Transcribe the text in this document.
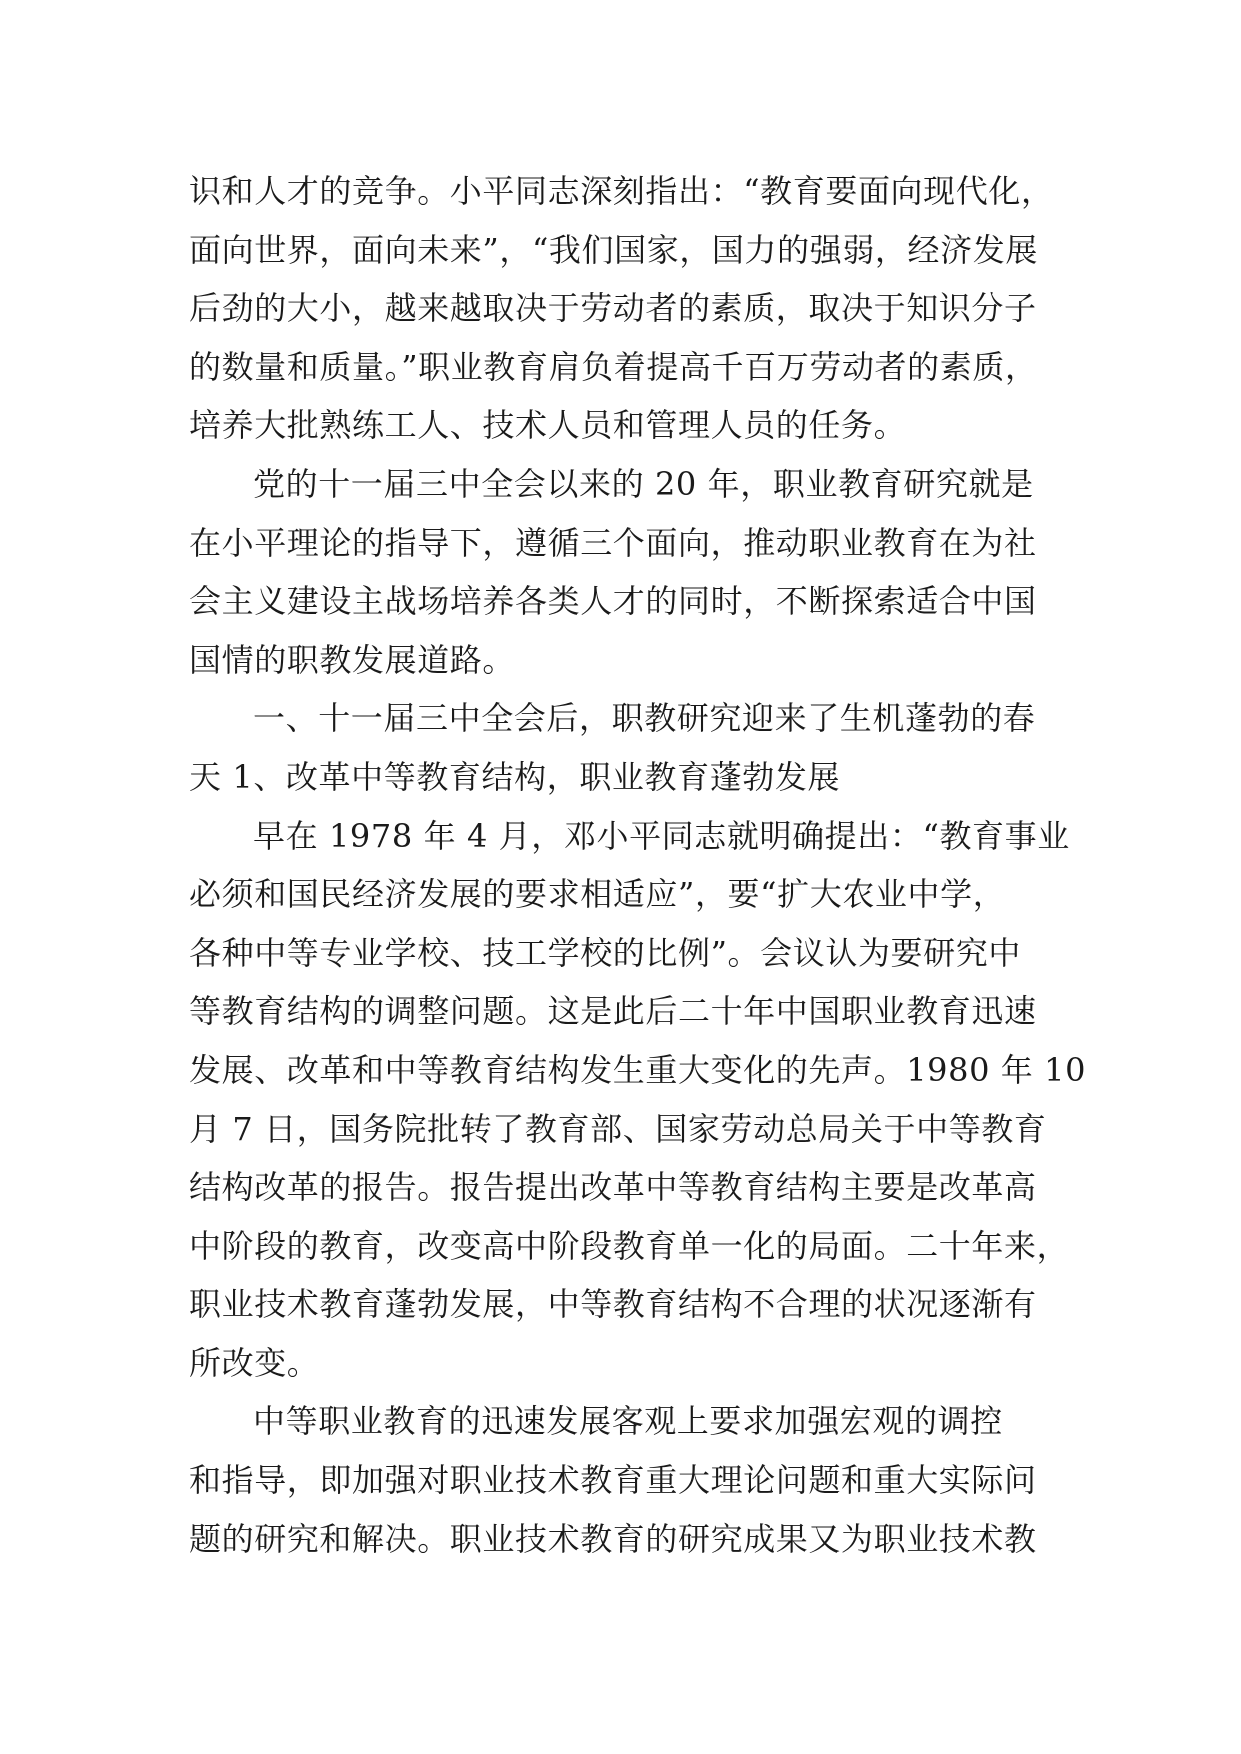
识和人才的竞争。小平同志深刻指出：“教育要面向现代化，
面向世界，面向未来”，“我们国家，国力的强弱，经济发展
后劲的大小，越来越取决于劳动者的素质，取决于知识分子
的数量和质量。”职业教育肩负着提高千百万劳动者的素质，
培养大批熟练工人、技术人员和管理人员的任务。
党的十一届三中全会以来的 20 年，职业教育研究就是
在小平理论的指导下，遵循三个面向，推动职业教育在为社
会主义建设主战场培养各类人才的同时，不断探索适合中国
国情的职教发展道路。
一、十一届三中全会后，职教研究迎来了生机蓬勃的春
天 1、改革中等教育结构，职业教育蓬勃发展
早在 1978 年 4 月，邓小平同志就明确提出：“教育事业
必须和国民经济发展的要求相适应”，要“扩大农业中学，
各种中等专业学校、技工学校的比例”。会议认为要研究中
等教育结构的调整问题。这是此后二十年中国职业教育迅速
发展、改革和中等教育结构发生重大变化的先声。1980 年 10
月 7 日，国务院批转了教育部、国家劳动总局关于中等教育
结构改革的报告。报告提出改革中等教育结构主要是改革高
中阶段的教育，改变高中阶段教育单一化的局面。二十年来，
职业技术教育蓬勃发展，中等教育结构不合理的状况逐渐有
所改变。
中等职业教育的迅速发展客观上要求加强宏观的调控
和指导，即加强对职业技术教育重大理论问题和重大实际问
题的研究和解决。职业技术教育的研究成果又为职业技术教
